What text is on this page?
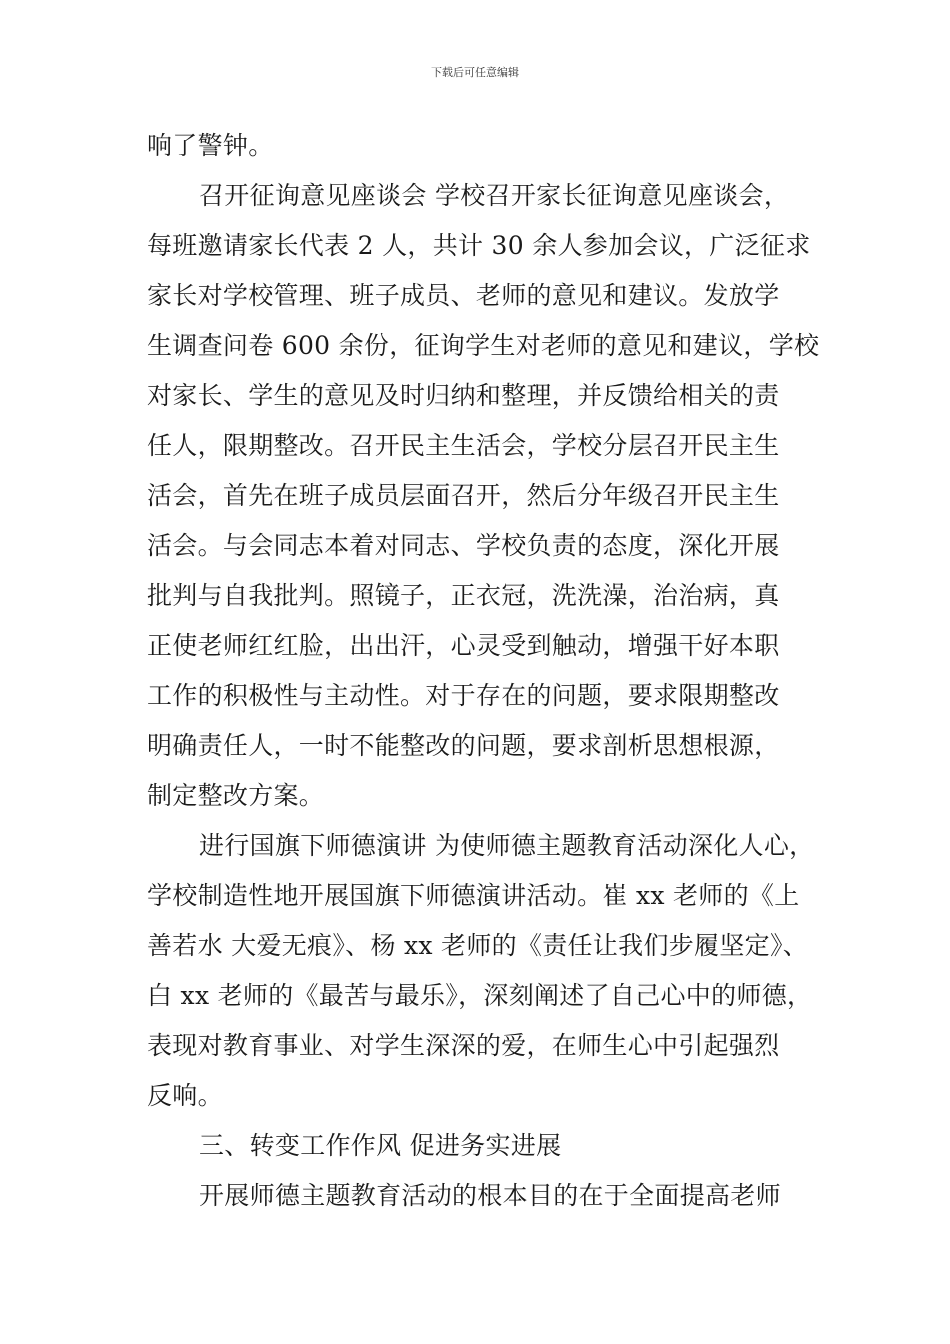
下载后可任意编辑
响了警钟。
召开征询意见座谈会 学校召开家长征询意见座谈会，
每班邀请家长代表 2 人，共计 30 余人参加会议，广泛征求
家长对学校管理、班子成员、老师的意见和建议。发放学
生调查问卷 600 余份，征询学生对老师的意见和建议，学校
对家长、学生的意见及时归纳和整理，并反馈给相关的责
任人，限期整改。召开民主生活会，学校分层召开民主生
活会，首先在班子成员层面召开，然后分年级召开民主生
活会。与会同志本着对同志、学校负责的态度，深化开展
批判与自我批判。照镜子，正衣冠，洗洗澡，治治病，真
正使老师红红脸，出出汗，心灵受到触动，增强干好本职
工作的积极性与主动性。对于存在的问题，要求限期整改
明确责任人，一时不能整改的问题，要求剖析思想根源，
制定整改方案。
进行国旗下师德演讲 为使师德主题教育活动深化人心，
学校制造性地开展国旗下师德演讲活动。崔 xx 老师的《上
善若水 大爱无痕》、杨 xx 老师的《责任让我们步履坚定》、
白 xx 老师的《最苦与最乐》，深刻阐述了自己心中的师德，
表现对教育事业、对学生深深的爱，在师生心中引起强烈
反响。
三、转变工作作风 促进务实进展
开展师德主题教育活动的根本目的在于全面提高老师
